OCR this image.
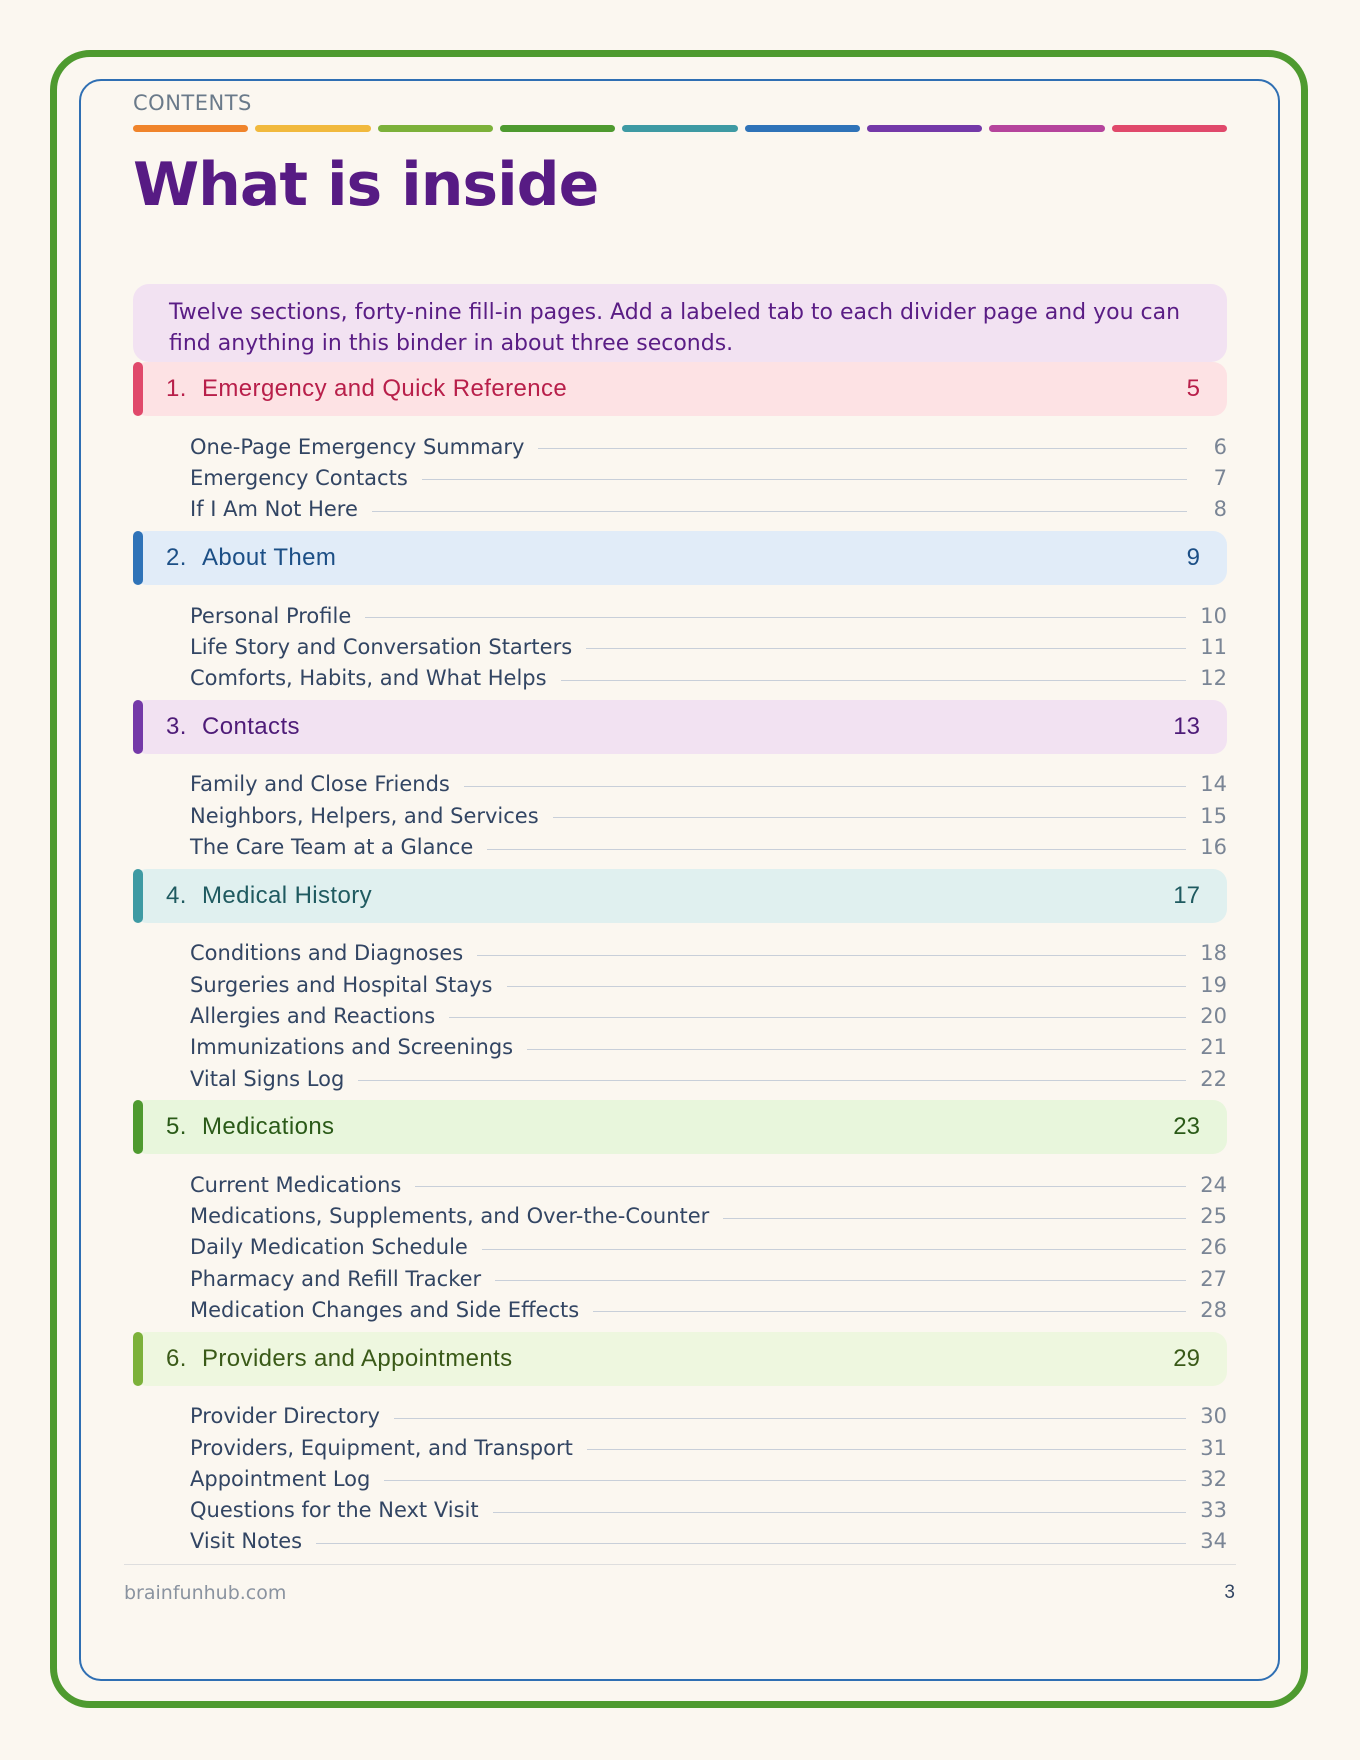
CONTENTS
What is inside
Twelve sections, forty-nine fill-in pages. Add a labeled tab to each divider page and you can find anything in this binder in about three seconds.
1. Emergency and Quick Reference	5
One-Page Emergency Summary	6
Emergency Contacts	7
If I Am Not Here	8
2. About Them	9
Personal Profile	10
Life Story and Conversation Starters	11
Comforts, Habits, and What Helps	12
3. Contacts	13
Family and Close Friends	14
Neighbors, Helpers, and Services	15
The Care Team at a Glance	16
4. Medical History	17
Conditions and Diagnoses	18
Surgeries and Hospital Stays	19
Allergies and Reactions	20
Immunizations and Screenings	21
Vital Signs Log	22
5. Medications	23
Current Medications	24
Medications, Supplements, and Over-the-Counter	25
Daily Medication Schedule	26
Pharmacy and Refill Tracker	27
Medication Changes and Side Effects	28
6. Providers and Appointments	29
Provider Directory	30
Providers, Equipment, and Transport	31
Appointment Log	32
Questions for the Next Visit	33
Visit Notes	34
brainfunhub.com	3
